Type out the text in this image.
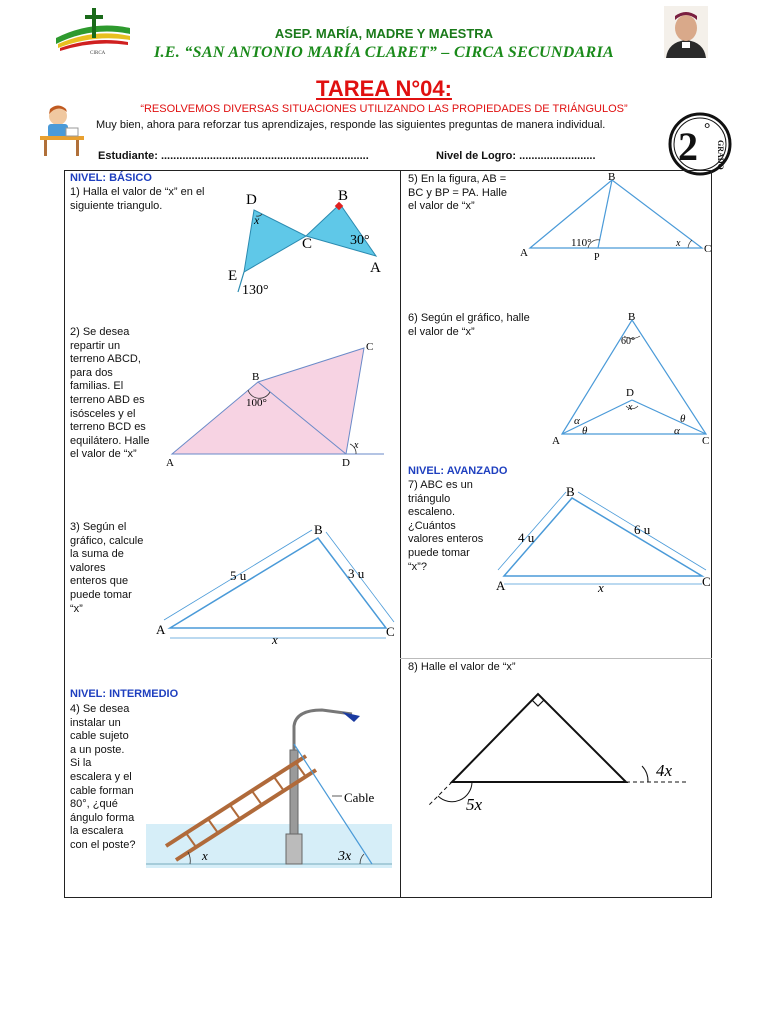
CIRCA
ASEP. MARÍA, MADRE Y MAESTRA
I.E. “SAN ANTONIO MARÍA CLARET” – CIRCA SECUNDARIA
TAREA N°04:
“RESOLVEMOS DIVERSAS SITUACIONES UTILIZANDO LAS PROPIEDADES DE TRIÁNGULOS”
Muy bien, ahora para reforzar tus aprendizajes, responde las siguientes preguntas de manera individual.
Estudiante: ....................................................................	Nivel de Logro: ......................... 2 °
GRADO
NIVEL: BÁSICO
1) Halla el valor de “x” en el
siguiente triangulo.	D	B
C
E	A
x
30°
130°
2) Se desea
repartir un
terreno ABCD,
para dos
familias. El
terreno ABD es
isósceles y el
terreno BCD es
equilátero. Halle
el valor de “x”
A
B
C
D
100°
x
3) Según el
gráfico, calcule
la suma de
valores
enteros que
puede tomar
“x”
A
B
C
5 u	3 u
x
NIVEL: INTERMEDIO
4) Se desea
instalar un
cable sujeto
a un poste.
Si la
escalera y el
cable forman
80°, ¿qué
ángulo forma
la escalera
con el poste?
Cable
x	3x
5) En la figura, AB =
BC y BP = PA. Halle
el valor de “x”
A
B
C
P
110°	x
6) Según el gráfico, halle
el valor de “x”
A
B
C
D
60°
x
α
θ
θ
α
NIVEL: AVANZADO
7) ABC es un
triángulo
escaleno.
¿Cuántos
valores enteros
puede tomar
“x”?
A
B
C
4 u
6 u
x
8) Halle el valor de “x”
4x
5x
